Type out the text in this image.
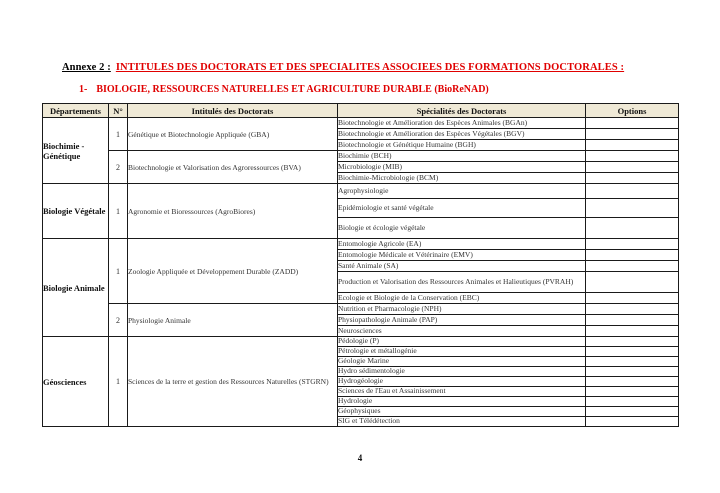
Annexe 2 : INTITULES DES DOCTORATS ET DES SPECIALITES ASSOCIEES DES FORMATIONS DOCTORALES :
1- BIOLOGIE, RESSOURCES NATURELLES ET AGRICULTURE DURABLE (BioReNAD)
Départements	N°	Intitulés des Doctorats	Spécialités des Doctorats	Options
Biochimie - Génétique	1	Génétique et Biotechnologie Appliquée (GBA)	Biotechnologie et Amélioration des Espèces Animales (BGAn)	
			Biotechnologie et Amélioration des Espèces Végétales (BGV)	
			Biotechnologie et Génétique Humaine (BGH)	
	2	Biotechnologie et Valorisation des Agroressources (BVA)	Biochimie (BCH)	
			Microbiologie (MIB)	
			Biochimie-Microbiologie (BCM)	
Biologie Végétale	1	Agronomie et Bioressources (AgroBiores)	Agrophysiologie	
			Epidémiologie et santé végétale	
			Biologie et écologie végétale	
Biologie Animale	1	Zoologie Appliquée et Développement Durable (ZADD)	Entomologie Agricole (EA)	
			Entomologie Médicale et Vétérinaire (EMV)	
			Santé Animale (SA)	
			Production et Valorisation des Ressources Animales et Halieutiques (PVRAH)	
			Ecologie et Biologie de la Conservation (EBC)	
	2	Physiologie Animale	Nutrition et Pharmacologie (NPH)	
			Physiopathologie Animale (PAP)	
			Neurosciences	
Géosciences	1	Sciences de la terre et gestion des Ressources Naturelles (STGRN)	Pédologie (P)	
			Pétrologie et métallogénie	
			Géologie Marine	
			Hydro sédimentologie	
			Hydrogéologie	
			Sciences de l'Eau et Assainissement	
			Hydrologie	
			Géophysiques	
			SIG et Télédétection	
4
